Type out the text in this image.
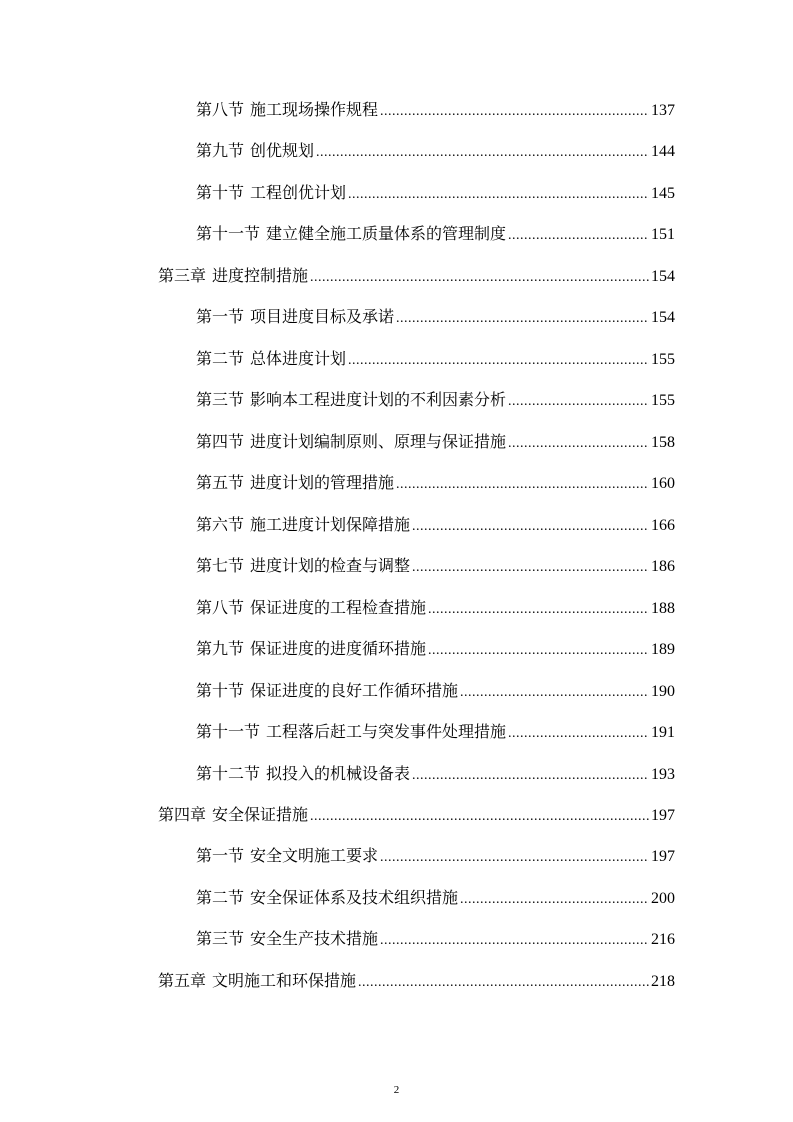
第八节 施工现场操作规程 .....	137
第九节 创优规划 .....	144
第十节 工程创优计划 .....	145
第十一节 建立健全施工质量体系的管理制度 .....	151
第三章 进度控制措施 .....	154
第一节 项目进度目标及承诺 .....	154
第二节 总体进度计划 .....	155
第三节 影响本工程进度计划的不利因素分析 .....	155
第四节 进度计划编制原则、原理与保证措施 .....	158
第五节 进度计划的管理措施 .....	160
第六节 施工进度计划保障措施 .....	166
第七节 进度计划的检查与调整 .....	186
第八节 保证进度的工程检查措施 .....	188
第九节 保证进度的进度循环措施 .....	189
第十节 保证进度的良好工作循环措施 .....	190
第十一节 工程落后赶工与突发事件处理措施 .....	191
第十二节 拟投入的机械设备表 .....	193
第四章 安全保证措施 .....	197
第一节 安全文明施工要求 .....	197
第二节 安全保证体系及技术组织措施 .....	200
第三节 安全生产技术措施 .....	216
第五章 文明施工和环保措施 .....	218
2
